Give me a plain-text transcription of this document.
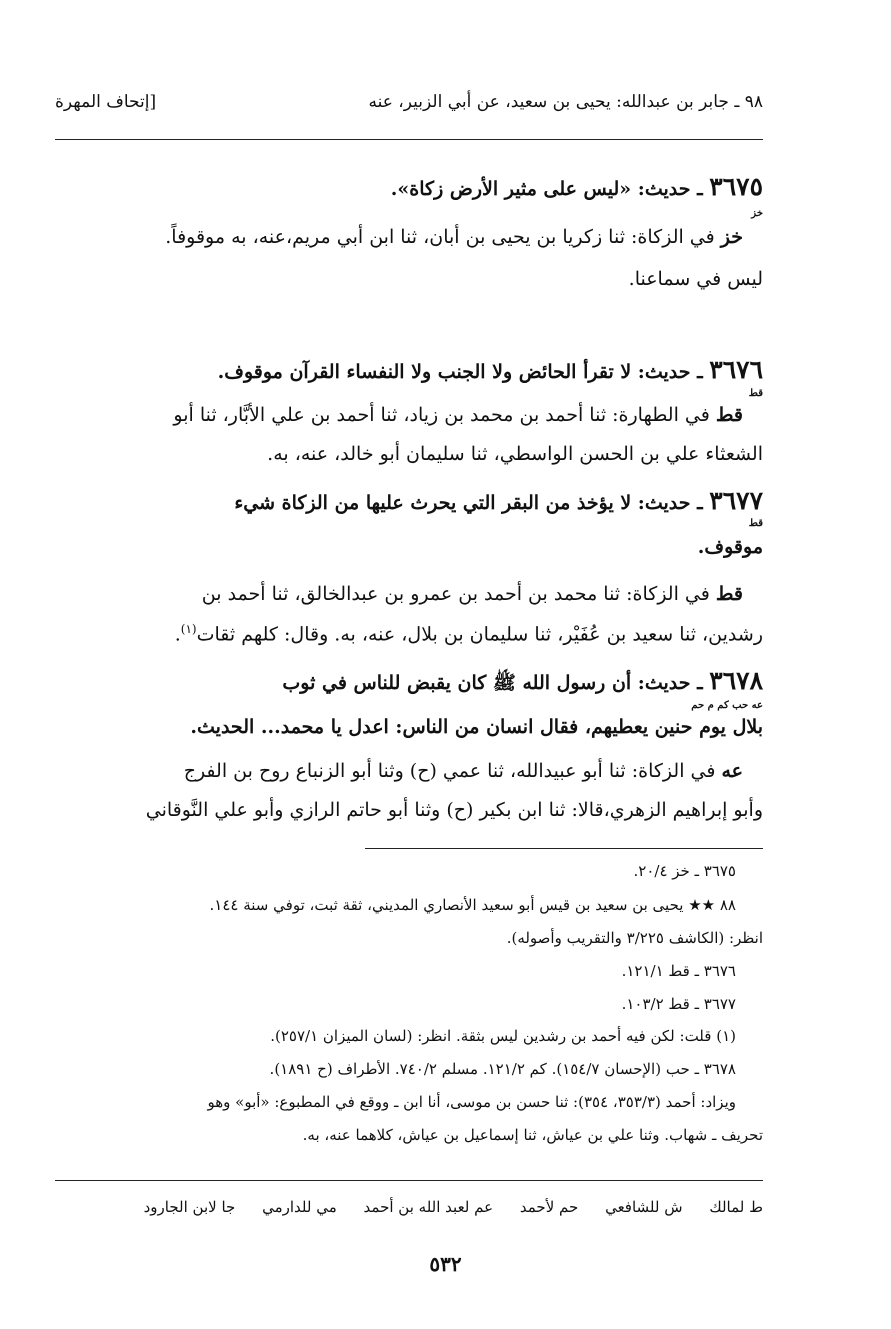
٩٨ ـ جابر بن عبدالله: يحيى بن سعيد، عن أبي الزبير، عنه
[إتحاف المهرة
٣٦٧٥ ـ حديث: «ليس على مثير الأرض زكاة».
خز
خز في الزكاة: ثنا زكريا بن يحيى بن أبان، ثنا ابن أبي مريم،عنه، به موقوفاً.
ليس في سماعنا.
٣٦٧٦ ـ حديث: لا تقرأ الحائض ولا الجنب ولا النفساء القرآن موقوف.
قط
قط في الطهارة: ثنا أحمد بن محمد بن زياد، ثنا أحمد بن علي الأبَّار، ثنا أبو
الشعثاء علي بن الحسن الواسطي، ثنا سليمان أبو خالد، عنه، به.
٣٦٧٧ ـ حديث: لا يؤخذ من البقر التي يحرث عليها من الزكاة شيء
قط
موقوف.
قط في الزكاة: ثنا محمد بن أحمد بن عمرو بن عبدالخالق، ثنا أحمد بن
رشدين، ثنا سعيد بن عُفَيْر، ثنا سليمان بن بلال، عنه، به. وقال: كلهم ثقات$^{(١)}$.
٣٦٧٨ ـ حديث: أن رسول الله ﷺ كان يقبض للناس في ثوب
عه حب كم م حم
بلال يوم حنين يعطيهم، فقال انسان من الناس: اعدل يا محمد... الحديث.
عه في الزكاة: ثنا أبو عبيدالله، ثنا عمي (ح) وثنا أبو الزنباع روح بن الفرج
وأبو إبراهيم الزهري،قالا: ثنا ابن بكير (ح) وثنا أبو حاتم الرازي وأبو علي النَّوقاني
٣٦٧٥ ـ خز ٢٠/٤.
٨٨ ★★ يحيى بن سعيد بن قيس أبو سعيد الأنصاري المديني، ثقة ثبت، توفي سنة ١٤٤.
انظر: (الكاشف ٣/٢٢٥ والتقريب وأصوله).
٣٦٧٦ ـ قط ١٢١/١.
٣٦٧٧ ـ قط ١٠٣/٢.
(١) قلت: لكن فيه أحمد بن رشدين ليس بثقة. انظر: (لسان الميزان ٢٥٧/١).
٣٦٧٨ ـ حب (الإحسان ١٥٤/٧). كم ١٢١/٢. مسلم ٧٤٠/٢. الأطراف (ح ١٨٩١).
ويزاد: أحمد (٣٥٣/٣، ٣٥٤): ثنا حسن بن موسى، أنا ابن ـ ووقع في المطبوع: «أبو» وهو
تحريف ـ شهاب. وثنا علي بن عياش، ثنا إسماعيل بن عياش، كلاهما عنه، به.
ط لمالك ش للشافعي حم لأحمد عم لعبد الله بن أحمد مي للدارمي جا لابن الجارود
٥٣٢
